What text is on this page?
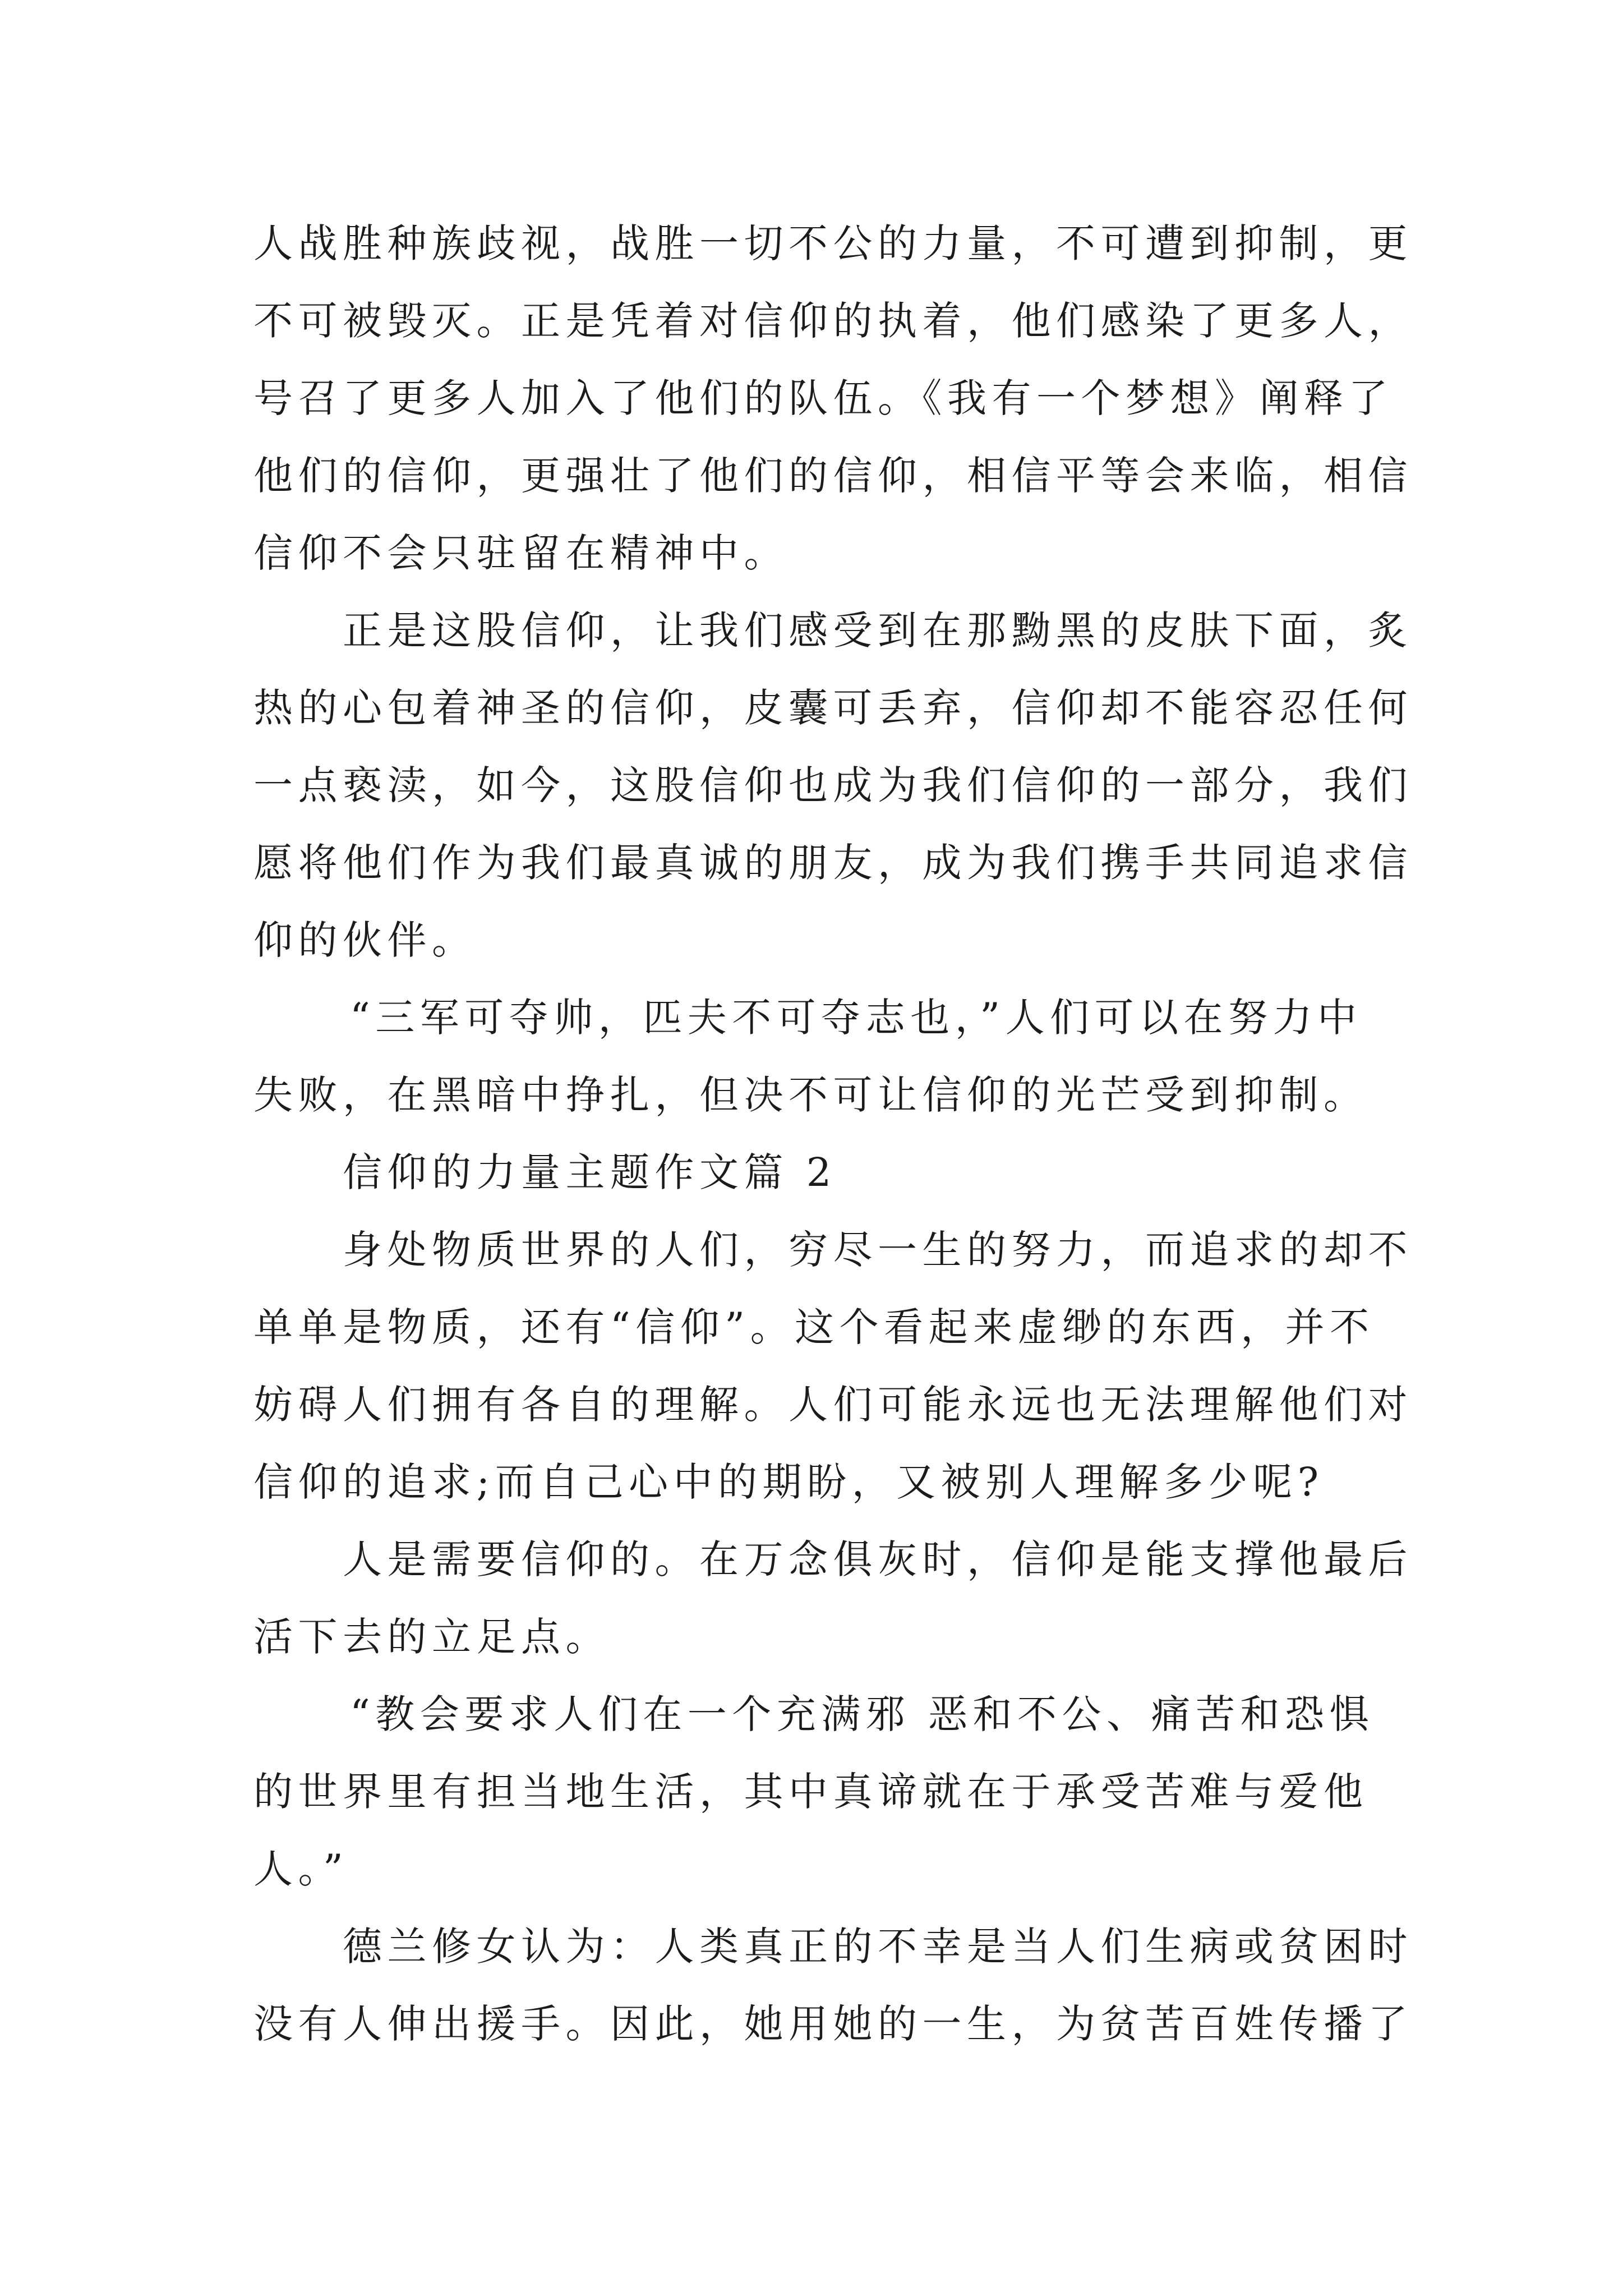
人战胜种族歧视，战胜一切不公的力量，不可遭到抑制，更
不可被毁灭。正是凭着对信仰的执着，他们感染了更多人，
号召了更多人加入了他们的队伍。《我有一个梦想》阐释了
他们的信仰，更强壮了他们的信仰，相信平等会来临，相信
信仰不会只驻留在精神中。
正是这股信仰，让我们感受到在那黝黑的皮肤下面，炙
热的心包着神圣的信仰，皮囊可丢弃，信仰却不能容忍任何
一点亵渎，如今，这股信仰也成为我们信仰的一部分，我们
愿将他们作为我们最真诚的朋友，成为我们携手共同追求信
仰的伙伴。
“三军可夺帅，匹夫不可夺志也，”人们可以在努力中
失败，在黑暗中挣扎，但决不可让信仰的光芒受到抑制。
信仰的力量主题作文篇 2
身处物质世界的人们，穷尽一生的努力，而追求的却不
单单是物质，还有“信仰”。这个看起来虚缈的东西，并不
妨碍人们拥有各自的理解。人们可能永远也无法理解他们对
信仰的追求;而自己心中的期盼，又被别人理解多少呢?
人是需要信仰的。在万念俱灰时，信仰是能支撑他最后
活下去的立足点。
“教会要求人们在一个充满邪 恶和不公、痛苦和恐惧
的世界里有担当地生活，其中真谛就在于承受苦难与爱他
人。”
德兰修女认为：人类真正的不幸是当人们生病或贫困时
没有人伸出援手。因此，她用她的一生，为贫苦百姓传播了
